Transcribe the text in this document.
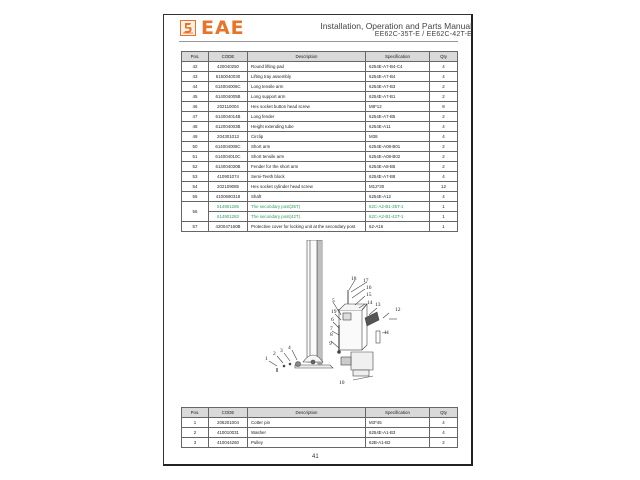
EAE	Installation, Operation and Parts Manual
EE62C-35T-E / EE62C-42T-E
Pos.	CODE	Description	Specification	Qty
42	420040250	Round lifting pad	6254E-A7-B4-C4	4
43	6150040030	Lifting tray assembly	6254E-A7-B4	4
44	614004006C	Long tensile arm	6254E-A7-B3	2
45	614004005B	Long support arm	6254E-A7-B1	2
46	202110004	Hex socket button head screw	M8*12	8
47	614004014B	Long fender	6254E-A7-B5	2
48	612004003B	Height extending tube	6254E-A11	4
49	204301013	Circlip	M38	4
50	614004008C	Short arm	6254E-A08-B01	2
51	614004010C	Short tensile arm	6254E-A08-B02	2
52	614004030B	Fender for the short arm	6254E-A8-B5	2
53	410901074	Semi-Teeth block	6254E-A7-B8	4
54	202109085	Hex socket cylinder head screw	M12*30	12
55	4100690318	Shaft	6254E-A12	4
56	614901285	The secondary post(35T)	62C-A2-B1-35T-1	1
	614901283	The secondary post(42T)	62C-A2-B1-42T-1	1
57	420047160B	Protective cover for locking unit at the secondary post	62-A16	1
1
2 3 4
5
6
7
8
9
10
11
12
13
14
15
16
17
18
19
Pos.	CODE	Description	Specification	Qty
1	206201004	Cotter pin	M3*45	4
2	410010031	Washer	6254E-A1-B3	4
3	410044260	Pulley	62B-A1-B2	2
41
